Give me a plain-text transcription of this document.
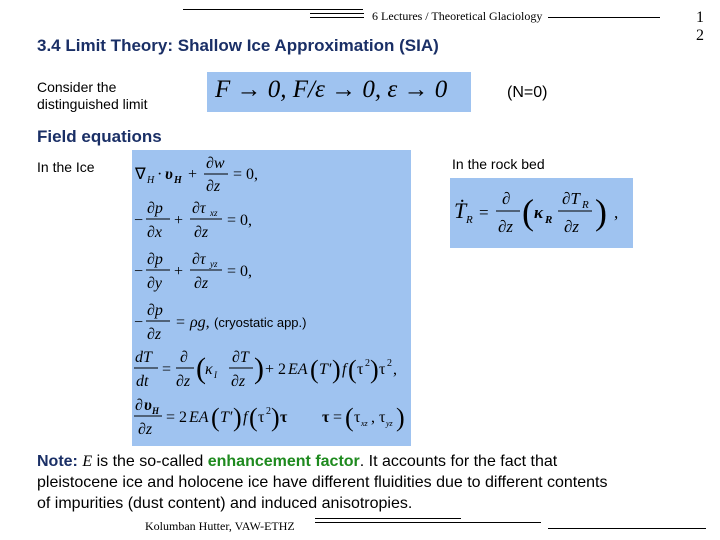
6 Lectures / Theoretical Glaciology	1
2
3.4 Limit Theory: Shallow Ice Approximation (SIA)
Consider the
distinguished limit
F → 0, F/ε → 0, ε → 0	(N=0)
Field equations
In the Ice	In the rock bed
∇ H · υ H +
∂w
∂z
= 0,
−
∂p
∂x
+
∂τ xz
∂z
= 0,
−
∂p
∂y
+
∂τ yz
∂z
= 0,
−
∂p
∂z
= ρg,
dT
dt
=
∂
∂z ( κ I
∂T
∂z ) + 2 EA ( T′ ) f ( τ 2 ) τ 2 ,
∂ υ H
∂z
= 2 EA ( T′ ) f ( τ 2 ) τ τ = ( τ xz , τ yz )
(cryostatic app.)
Ṫ R =
∂
∂z ( κ R
∂T R
∂z ) ,
Note: E is the so-called enhancement factor. It accounts for the fact that
pleistocene ice and holocene ice have different fluidities due to different contents
of impurities (dust content) and induced anisotropies.
Kolumban Hutter, VAW-ETHZ
